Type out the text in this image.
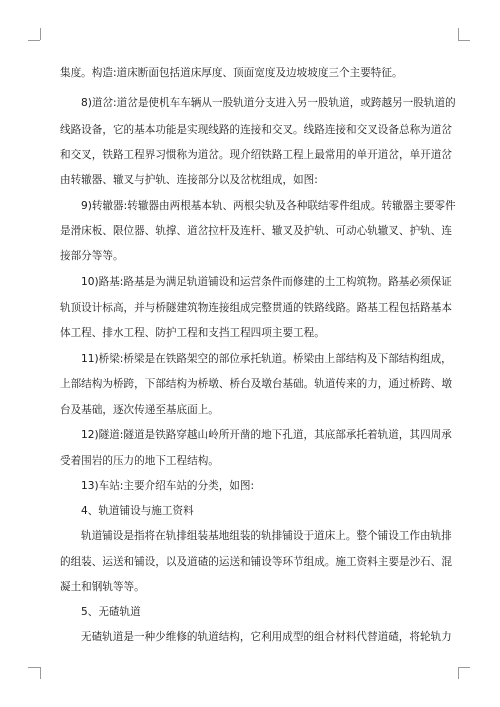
集度。构造:道床断面包括道床厚度、顶面宽度及边坡坡度三个主要特征。
8)道岔:道岔是使机车车辆从一股轨道分支进入另一股轨道，或跨越另一股轨道的
线路设备，它的基本功能是实现线路的连接和交叉。线路连接和交叉设备总称为道岔
和交叉，铁路工程界习惯称为道岔。现介绍铁路工程上最常用的单开道岔，单开道岔
由转辙器、辙叉与护轨、连接部分以及岔枕组成，如图:
9)转辙器:转辙器由两根基本轨、两根尖轨及各种联结零件组成。转辙器主要零件
是滑床板、限位器、轨撑、道岔拉杆及连杆、辙叉及护轨、可动心轨辙叉、护轨、连
接部分等等。
10)路基:路基是为满足轨道铺设和运营条件而修建的土工构筑物。路基必须保证
轨顶设计标高，并与桥隧建筑物连接组成完整贯通的铁路线路。路基工程包括路基本
体工程、排水工程、防护工程和支挡工程四项主要工程。
11)桥梁:桥梁是在铁路架空的部位承托轨道。桥梁由上部结构及下部结构组成，
上部结构为桥跨，下部结构为桥墩、桥台及墩台基础。轨道传来的力，通过桥跨、墩
台及基础，逐次传递至基底面上。
12)隧道:隧道是铁路穿越山岭所开凿的地下孔道，其底部承托着轨道，其四周承
受着围岩的压力的地下工程结构。
13)车站:主要介绍车站的分类，如图:
4、轨道铺设与施工资料
轨道铺设是指将在轨排组装基地组装的轨排铺设于道床上。整个铺设工作由轨排
的组装、运送和铺设，以及道碴的运送和铺设等环节组成。施工资料主要是沙石、混
凝土和钢轨等等。
5、无碴轨道
无碴轨道是一种少维修的轨道结构，它利用成型的组合材料代替道碴，将轮轨力
